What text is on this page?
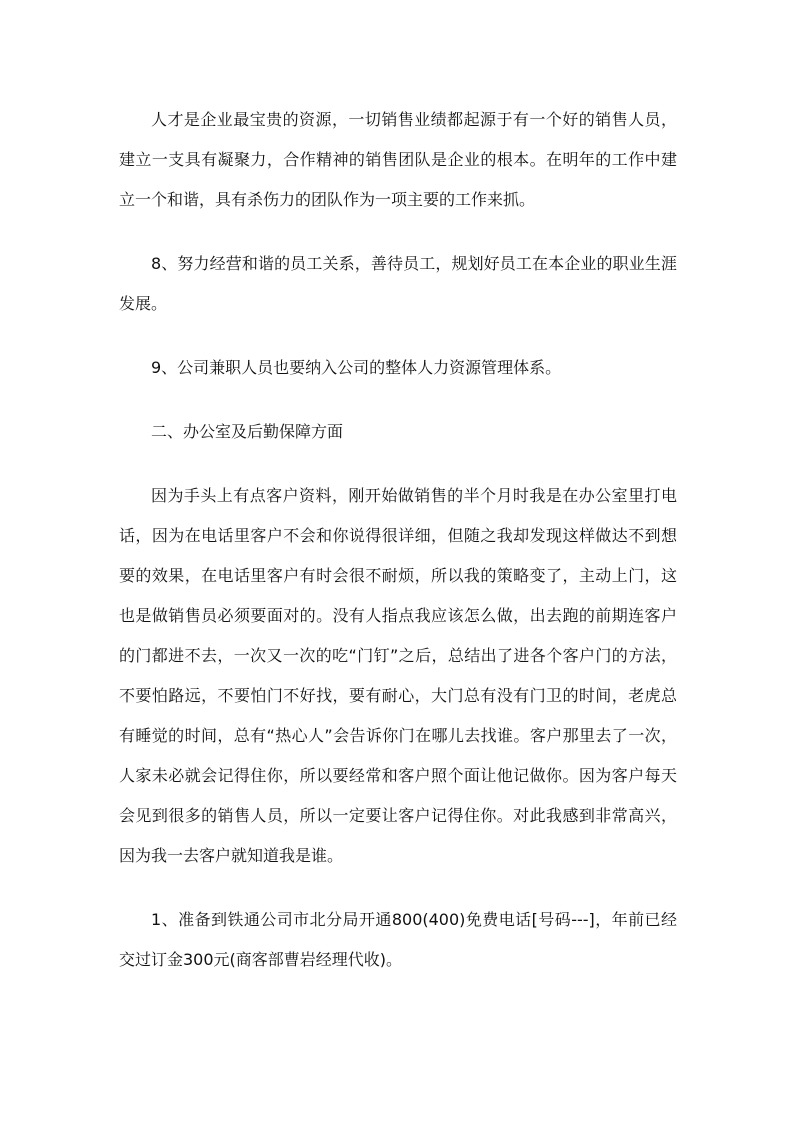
人才是企业最宝贵的资源，一切销售业绩都起源于有一个好的销售人员，建立一支具有凝聚力，合作精神的销售团队是企业的根本。在明年的工作中建立一个和谐，具有杀伤力的团队作为一项主要的工作来抓。

8、努力经营和谐的员工关系，善待员工，规划好员工在本企业的职业生涯发展。

9、公司兼职人员也要纳入公司的整体人力资源管理体系。

二、办公室及后勤保障方面

因为手头上有点客户资料，刚开始做销售的半个月时我是在办公室里打电话，因为在电话里客户不会和你说得很详细，但随之我却发现这样做达不到想要的效果，在电话里客户有时会很不耐烦，所以我的策略变了，主动上门，这也是做销售员必须要面对的。没有人指点我应该怎么做，出去跑的前期连客户的门都进不去，一次又一次的吃“门钉”之后，总结出了进各个客户门的方法，不要怕路远，不要怕门不好找，要有耐心，大门总有没有门卫的时间，老虎总有睡觉的时间，总有“热心人”会告诉你门在哪儿去找谁。客户那里去了一次，人家未必就会记得住你，所以要经常和客户照个面让他记做你。因为客户每天会见到很多的销售人员，所以一定要让客户记得住你。对此我感到非常高兴，因为我一去客户就知道我是谁。

1、准备到铁通公司市北分局开通800(400)免费电话[号码---]，年前已经交过订金300元(商客部曹岩经理代收)。
